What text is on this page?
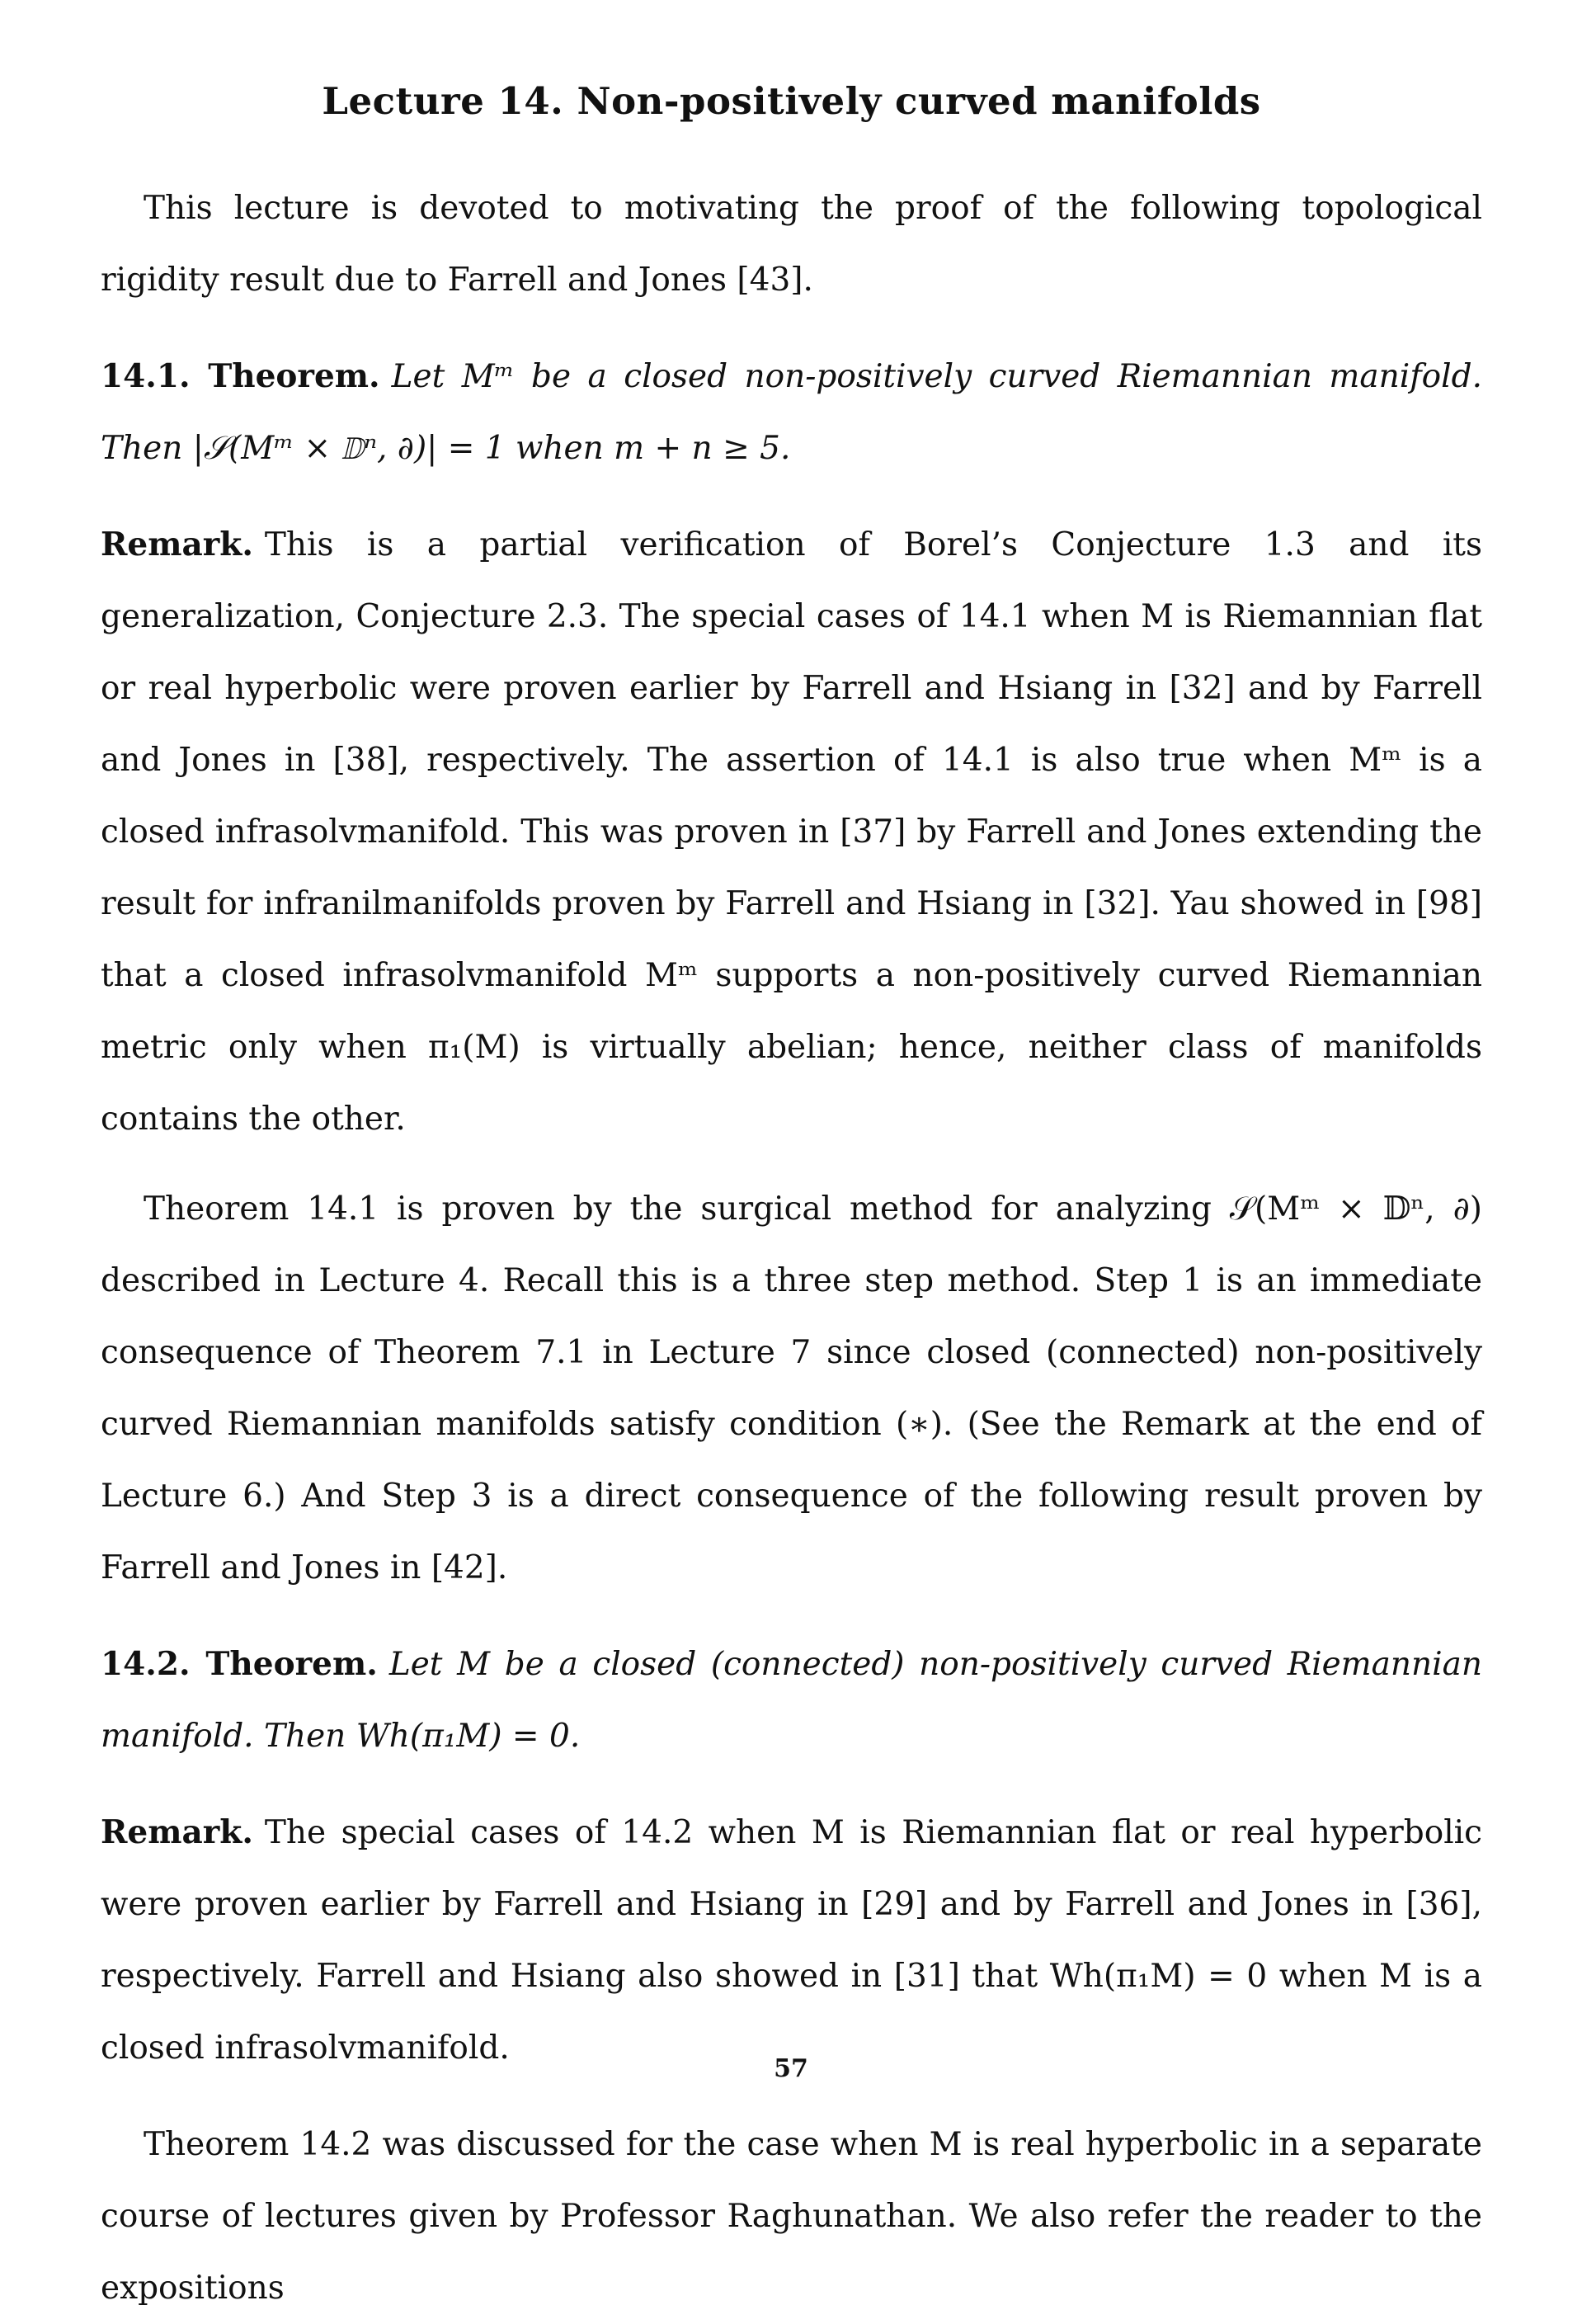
Lecture 14. Non-positively curved manifolds

This lecture is devoted to motivating the proof of the following topological rigidity result due to Farrell and Jones [43].

14.1. Theorem. Let Mᵐ be a closed non-positively curved Riemannian manifold. Then |𝒮(Mᵐ × 𝔻ⁿ, ∂)| = 1 when m + n ≥ 5.

Remark. This is a partial verification of Borel’s Conjecture 1.3 and its generalization, Conjecture 2.3. The special cases of 14.1 when M is Riemannian flat or real hyperbolic were proven earlier by Farrell and Hsiang in [32] and by Farrell and Jones in [38], respectively. The assertion of 14.1 is also true when Mᵐ is a closed infrasolvmanifold. This was proven in [37] by Farrell and Jones extending the result for infranilmanifolds proven by Farrell and Hsiang in [32]. Yau showed in [98] that a closed infrasolvmanifold Mᵐ supports a non-positively curved Riemannian metric only when π₁(M) is virtually abelian; hence, neither class of manifolds contains the other.

Theorem 14.1 is proven by the surgical method for analyzing 𝒮(Mᵐ × 𝔻ⁿ, ∂) described in Lecture 4. Recall this is a three step method. Step 1 is an immediate consequence of Theorem 7.1 in Lecture 7 since closed (connected) non-positively curved Riemannian manifolds satisfy condition (∗). (See the Remark at the end of Lecture 6.) And Step 3 is a direct consequence of the following result proven by Farrell and Jones in [42].

14.2. Theorem. Let M be a closed (connected) non-positively curved Riemannian manifold. Then Wh(π₁M) = 0.

Remark. The special cases of 14.2 when M is Riemannian flat or real hyperbolic were proven earlier by Farrell and Hsiang in [29] and by Farrell and Jones in [36], respectively. Farrell and Hsiang also showed in [31] that Wh(π₁M) = 0 when M is a closed infrasolvmanifold.

Theorem 14.2 was discussed for the case when M is real hyperbolic in a separate course of lectures given by Professor Raghunathan. We also refer the reader to the expositions

57
